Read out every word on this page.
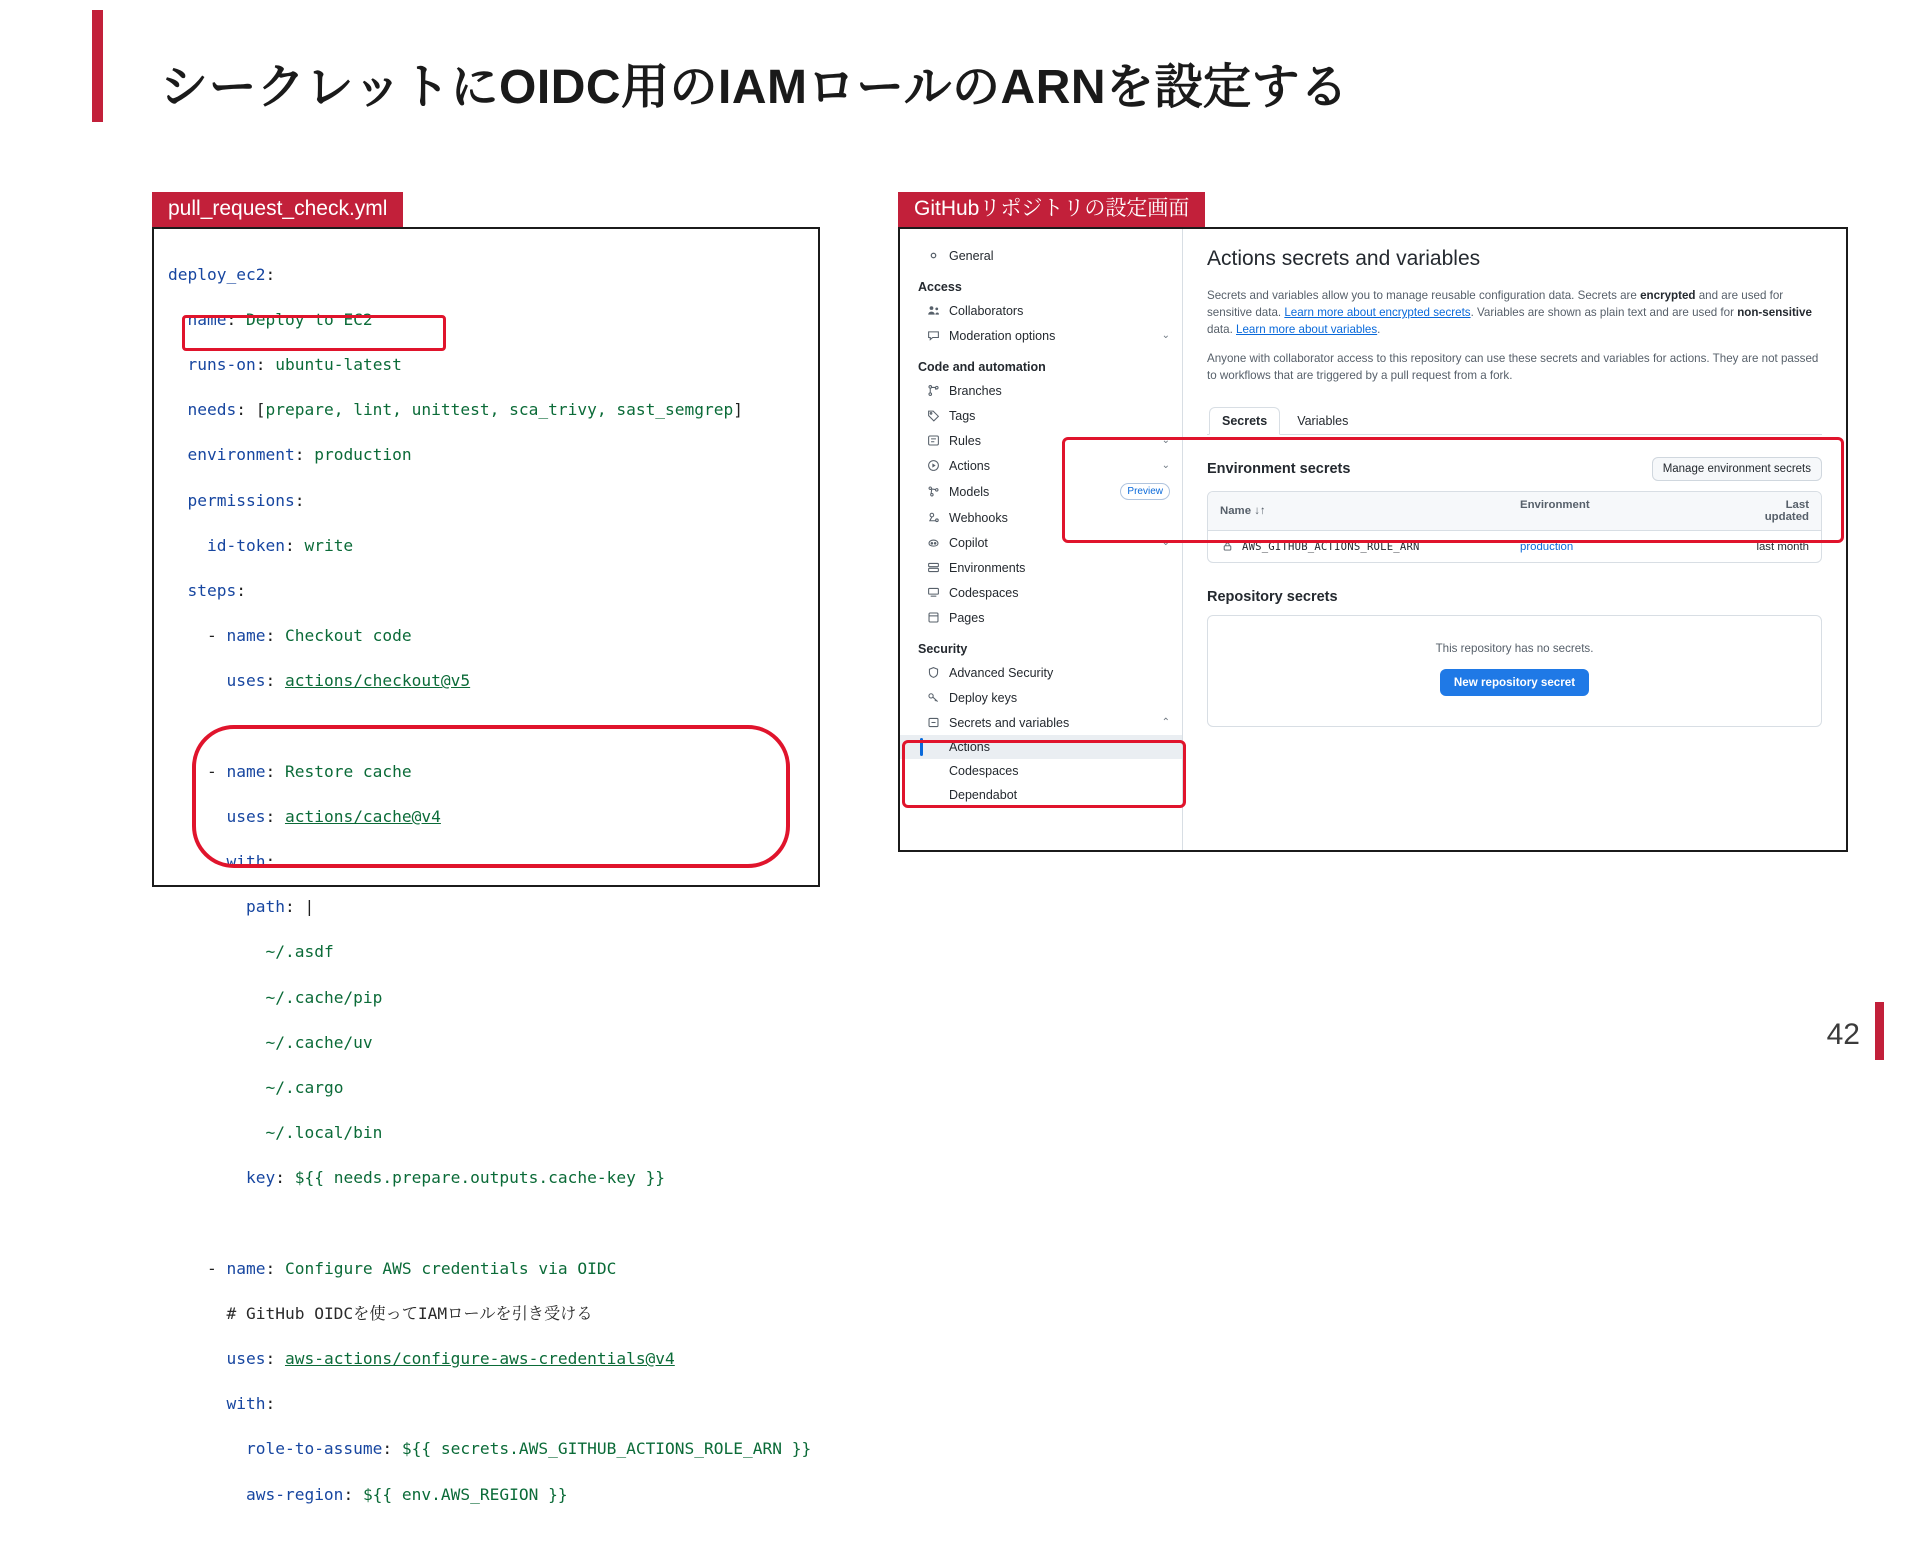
シークレットにOIDC用のIAMロールのARNを設定する
pull_request_check.yml

deploy_ec2:

name: Deploy to EC2

runs-on: ubuntu-latest

needs: [prepare, lint, unittest, sca_trivy, sast_semgrep]

environment: production

permissions:

id-token: write

steps:

- name: Checkout code

uses: actions/checkout@v5

- name: Restore cache

uses: actions/cache@v4

with:

path: |

~/.asdf

~/.cache/pip

~/.cache/uv

~/.cargo

~/.local/bin

key: ${{ needs.prepare.outputs.cache-key }}

- name: Configure AWS credentials via OIDC

# GitHub OIDCを使ってIAMロールを引き受ける

uses: aws-actions/configure-aws-credentials@v4

with:

role-to-assume: ${{ secrets.AWS_GITHUB_ACTIONS_ROLE_ARN }}

aws-region: ${{ env.AWS_REGION }}

GitHubリポジトリの設定画面
General
Access
Collaborators
Moderation options	⌄
Code and automation
Branches
Tags
Rules	⌄
Actions	⌄
Models	Preview
Webhooks
Copilot	⌄
Environments
Codespaces
Pages
Security
Advanced Security
Deploy keys
Secrets and variables	⌃
Actions
Codespaces
Dependabot
Actions secrets and variables

Secrets and variables allow you to manage reusable configuration data. Secrets are encrypted and are used for sensitive data. Learn more about encrypted secrets. Variables are shown as plain text and are used for non-sensitive data. Learn more about variables.

Anyone with collaborator access to this repository can use these secrets and variables for actions. They are not passed to workflows that are triggered by a pull request from a fork.

Secrets	Variables
Environment secrets	Manage environment secrets
Name ↓↑	Environment	Last updated
AWS_GITHUB_ACTIONS_ROLE_ARN	production	last month
Repository secrets
This repository has no secrets.
New repository secret
42
